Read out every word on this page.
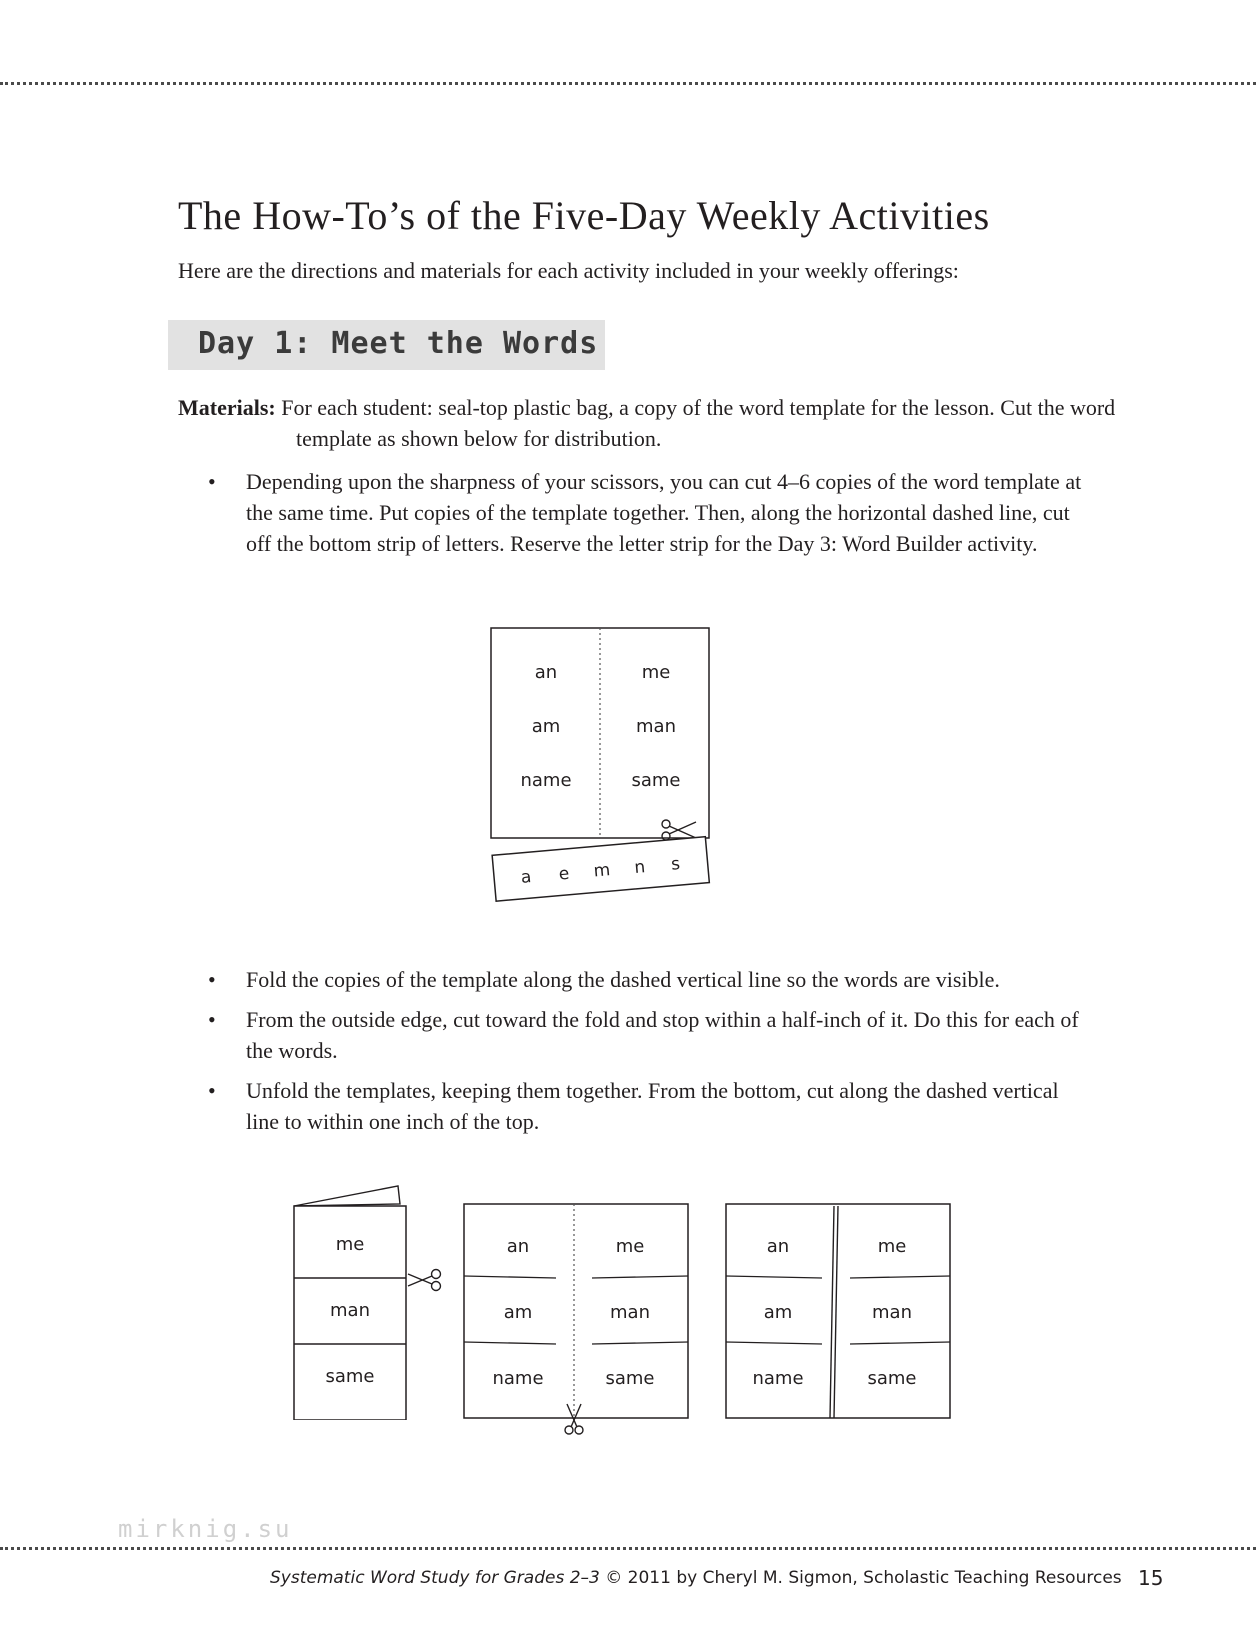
The How-To’s of the Five-Day Weekly Activities

Here are the directions and materials for each activity included in your weekly offerings:

Day 1: Meet the Words

Materials: For each student: seal-top plastic bag, a copy of the word template for the lesson. Cut the word template as shown below for distribution.

• Depending upon the sharpness of your scissors, you can cut 4–6 copies of the word template at the same time. Put copies of the template together. Then, along the horizontal dashed line, cut off the bottom strip of letters. Reserve the letter strip for the Day 3: Word Builder activity.
an
am
name
me
man
same
a e m n s
• Fold the copies of the template along the dashed vertical line so the words are visible.
• From the outside edge, cut toward the fold and stop within a half-inch of it. Do this for each of the words.
• Unfold the templates, keeping them together. From the bottom, cut along the dashed vertical line to within one inch of the top.
me
man
same
an
am
name
me
man
same
an
am
name
me
man
same
mirknig.su
Systematic Word Study for Grades 2–3 © 2011 by Cheryl M. Sigmon, Scholastic Teaching Resources 15
